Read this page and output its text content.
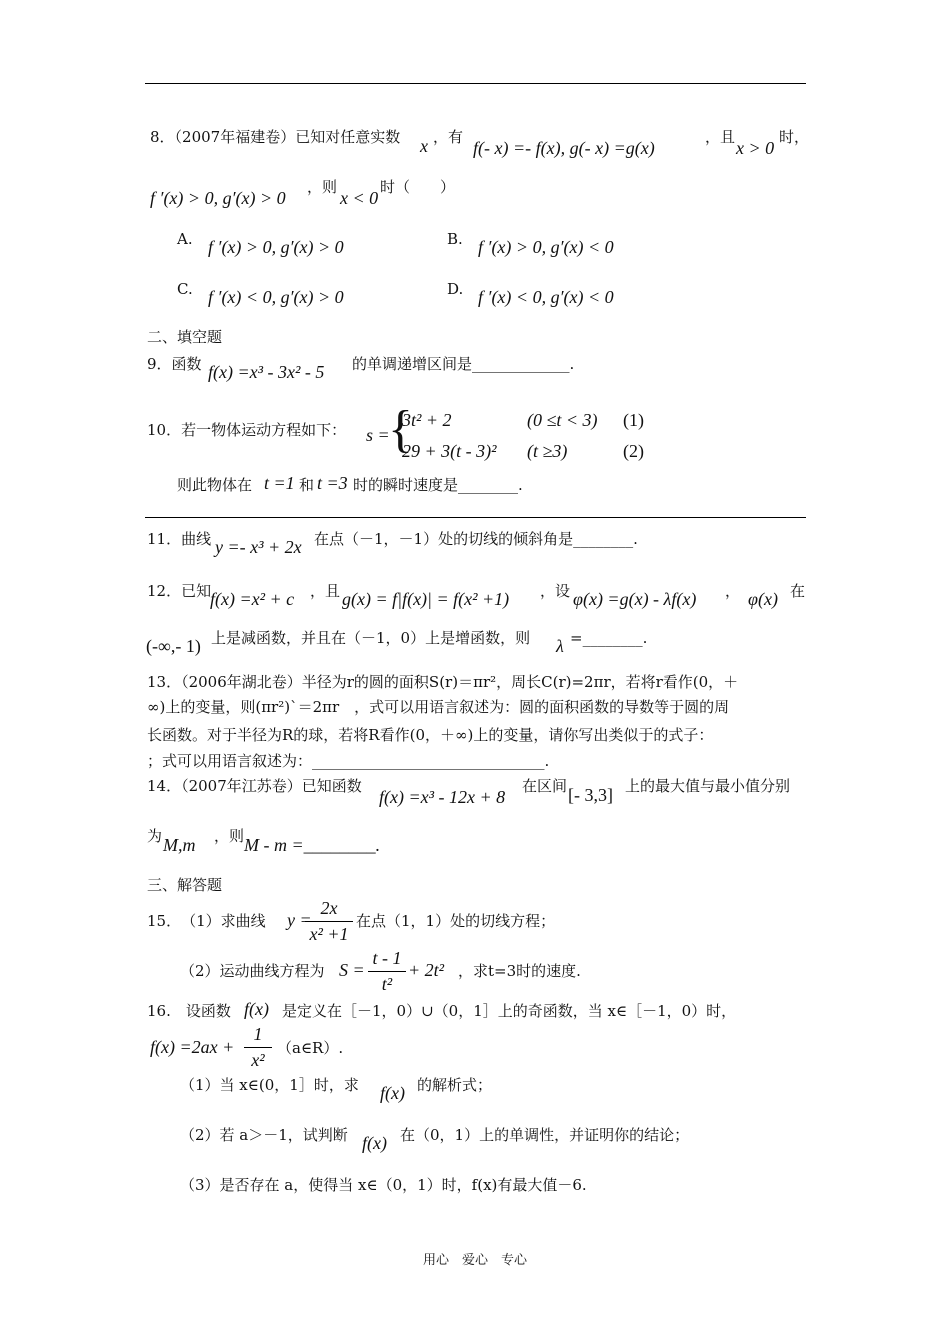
8．（2007年福建卷）已知对任意实数 x ，有
f(- x) =- f(x), g(- x) =g(x)
，且
x > 0
时，
f ′(x) > 0, g′(x) > 0
，则
x < 0
时（　　）
A. f ′(x) > 0, g′(x) > 0	B. f ′(x) > 0, g′(x) < 0
C. f ′(x) < 0, g′(x) > 0	D. f ′(x) < 0, g′(x) < 0
二、填空题
9．函数 f(x) =x³ - 3x² - 5 的单调递增区间是_____________.
10．若一物体运动方程如下： s =
{
3t² + 2	(0 ≤t < 3) (1)
29 + 3(t - 3)² (t ≥3)	(2)
则此物体在 t =1 和 t =3 时的瞬时速度是________.
11．曲线 y =- x³ + 2x 在点（－1，－1）处的切线的倾斜角是________.
12．已知
f(x) =x² + c ，且 g(x) = f|f(x)| = f(x² +1) ，设 φ(x) =g(x) - λf(x) ， φ(x) 在
(-∞,- 1) 上是减函数，并且在（－1，0）上是增函数，则 λ =________.
13．（2006年湖北卷）半径为r的圆的面积S(r)＝πr²，周长C(r)=2πr，若将r看作(0，＋
∞)上的变量，则(πr²)`＝2πr　，式可以用语言叙述为：圆的面积函数的导数等于圆的周
长函数。对于半径为R的球，若将R看作(0，＋∞)上的变量，请你写出类似于的式子：
；式可以用语言叙述为：_______________________________.
14．（2007年江苏卷）已知函数
f(x) =x³ - 12x + 8
在区间 [- 3,3] 上的最大值与最小值分别
为 M,m ，则 M - m =________.
三、解答题
15．　（1）求曲线 y =
2x
x² +1
在点（1，1）处的切线方程；
（2）运动曲线方程为 S =
t - 1
t²
+ 2t² ，求t=3时的速度.
16.　设函数 f(x) 是定义在［－1，0）∪（0，1］上的奇函数，当 x∈［－1，0）时，
f(x) =2ax +
1
x²
（a∈R）.
（1）当 x∈(0，1］时，求 f(x) 的解析式；
（2）若 a＞－1，试判断 f(x) 在（0，1）上的单调性，并证明你的结论；
（3）是否存在 a，使得当 x∈（0，1）时，f(x)有最大值－6.
用心　爱心　专心
